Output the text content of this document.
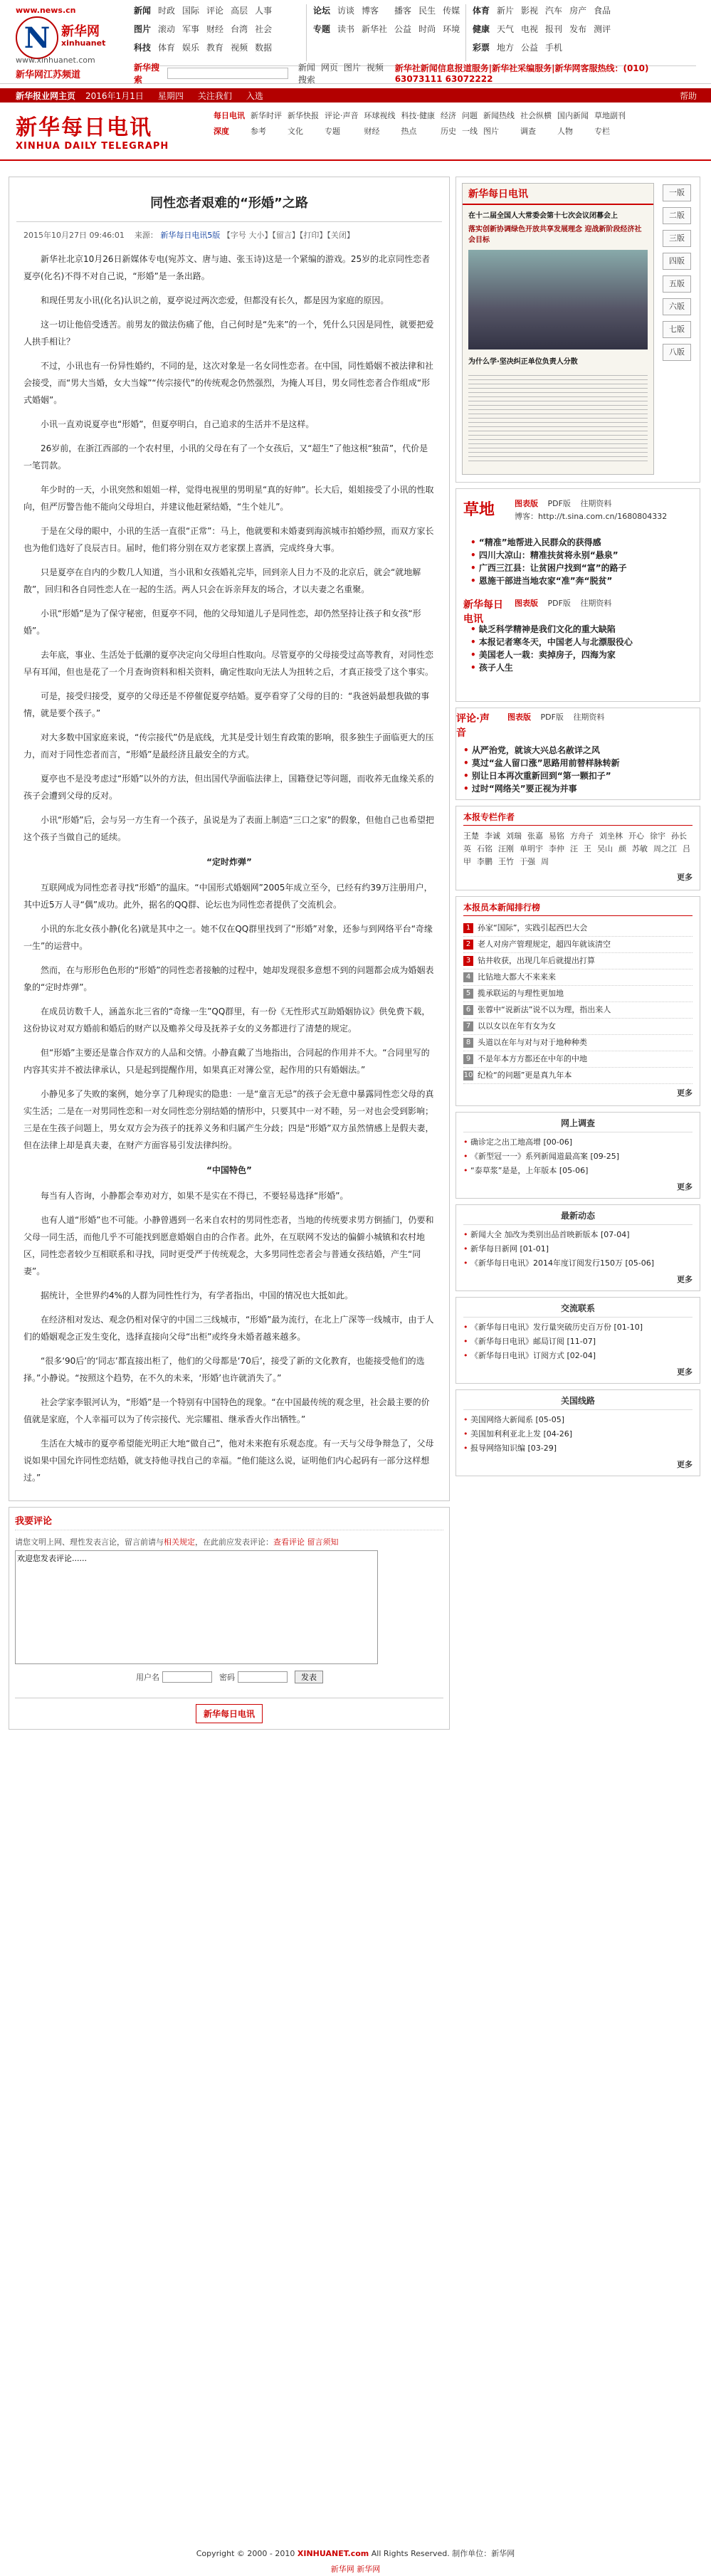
www.news.cn
N 新华网
xinhuanet
www.xinhuanet.com
新华网江苏频道
新闻 时政 国际 评论 高层 人事
图片 滚动 军事 财经 台湾 社会
科技 体育 娱乐 教育 视频 数据
论坛 访谈 博客	播客 民生 传媒
专题 读书 新华社 公益 时尚 环境
体育 新片 影视 汽车 房产 食品
健康 天气 电视 报刊 发布 测评
彩票 地方 公益 手机
新华搜索
新闻 网页 图片 视频搜索
新华社新闻信息报道服务|新华社采编服务|新华网客服热线：(010) 63073111 63072222
新华报业网主页 2016年1月1日 星期四 关注我们 入选	帮助
新华每日电讯
XINHUA DAILY TELEGRAPH
每日电讯 新华时评 新华快报 评论·声音 环球视线 科技·健康 经济 问题 新闻热线 社会纵横 国内新闻 草地副刊
深度	参考	文化	专题	财经	热点	历史 一线 图片	调查	人物	专栏
同性恋者艰难的“形婚”之路
2015年10月27日 09:46:01 来源： 新华每日电讯5版 【字号 大小】【留言】【打印】【关闭】

新华社北京10月26日新媒体专电(宛苏文、唐与迪、张玉诗)这是一个紧编的游戏。25岁的北京同性恋者夏亭(化名)不得不对自己说，“形婚”是一条出路。

和现任男友小讯(化名)认识之前，夏亭说过两次恋爱，但都没有长久，都是因为家庭的原因。

这一切让他倍受透苦。前男友的做法伤痛了他，自己何时是“先来”的一个，凭什么只因是同性，就要把爱人拱手相让？

不过，小讯也有一份异性婚约，不同的是，这次对象是一名女同性恋者。在中国，同性婚姻不被法律和社会接受，而“男大当婚，女大当嫁”“传宗接代”的传统观念仍然强烈，为掩人耳目，男女同性恋者合作组成“形式婚姻”。

小讯一直劝说夏亭也“形婚”，但夏亭明白，自己追求的生活并不是这样。

26岁前，在浙江西部的一个农村里，小讯的父母在有了一个女孩后，又“超生”了他这根“独苗”，代价是一笔罚款。

年少时的一天，小讯突然和姐姐一样，觉得电视里的男明星“真的好帅”。长大后，姐姐接受了小讯的性取向，但严厉警告他不能向父母坦白，并建议他赶紧结婚，“生个娃儿”。

于是在父母的眼中，小讯的生活一直很“正常”：马上，他就要和未婚妻到海滨城市拍婚纱照，而双方家长也为他们选好了良辰吉日。届时，他们将分别在双方老家摆上喜酒，完成终身大事。

只是夏亭在自内的少数几人知道，当小讯和女孩婚礼完毕，回到亲人目力不及的北京后，就会“就地解散”，回归和各自同性恋人在一起的生活。两人只会在诉亲拜友的场合，才以夫妻之名重聚。

小讯“形婚”是为了保守秘密，但夏亭不同，他的父母知道儿子是同性恋，却仍然坚持让孩子和女孩“形婚”。

去年底，事业、生活处于低潮的夏亭决定向父母坦白性取向。尽管夏亭的父母接受过高等教育，对同性恋早有耳闻，但也是花了一个月查询资料和相关资料，确定性取向无法人为扭转之后，才真正接受了这个事实。

可是，接受归接受，夏亭的父母还是不停催促夏亭结婚。夏亭看穿了父母的目的：“我爸妈最想我做的事情，就是要个孩子。”

对大多数中国家庭来说，“传宗接代”仍是底线，尤其是受计划生育政策的影响，很多独生子面临更大的压力，而对于同性恋者而言，“形婚”是最经济且最安全的方式。

夏亭也不是没考虑过“形婚”以外的方法，但出国代孕面临法律上，国籍登记等问题，而收养无血缘关系的孩子会遭到父母的反对。

小讯“形婚”后，会与另一方生育一个孩子，虽说是为了表面上制造“三口之家”的假象，但他自己也希望把这个孩子当做自己的延续。

“定时炸弹”

互联网成为同性恋者寻找“形婚”的温床。“中国形式婚姻网”2005年成立至今，已经有约39万注册用户，其中近5万人寻“偶”成功。此外，据名的QQ群、论坛也为同性恋者提供了交流机会。

小讯的东北女孩小静(化名)就是其中之一。她不仅在QQ群里找到了“形婚”对象，还参与到网络平台“奇缘一生”的运营中。

然而，在与形形色色形的“形婚”的同性恋者接触的过程中，她却发现很多意想不到的问题都会成为婚姻表象的“定时炸弹”。

在成员访数千人，涵盖东北三省的“奇缘一生”QQ群里，有一份《无性形式互助婚姻协议》供免费下载，这份协议对双方婚前和婚后的财产以及赡养父母及抚养子女的义务都进行了清楚的规定。

但“形婚”主要还是靠合作双方的人品和交情。小静直戴了当地指出，合同起的作用并不大。“合同里写的内容其实并不被法律承认，只是起到提醒作用，如果真正对簿公堂，起作用的只有婚姻法。”

小静见多了失败的案例，她分享了几种现实的隐患：一是“童言无忌”的孩子会无意中暴露同性恋父母的真实生活；二是在一对男同性恋和一对女同性恋分别结婚的情形中，只要其中一对不睦，另一对也会受到影响；三是在生孩子问题上，男女双方会为孩子的抚养义务和归属产生分歧；四是“形婚”双方虽然情感上是假夫妻，但在法律上却是真夫妻，在财产方面容易引发法律纠纷。

“中国特色”

每当有人咨询，小静都会奉劝对方，如果不是实在不得已，不要轻易选择“形婚”。

也有人道“形婚”也不可能。小静曾遇到一名来自农村的男同性恋者，当地的传统要求男方倒插门，仍要和父母一同生活，而他几乎不可能找到愿意婚姻自由的合作者。此外，在互联网不发达的偏僻小城镇和农村地区，同性恋者较少互相联系和寻找，同时更受严于传统观念，大多男同性恋者会与普通女孩结婚，产生“同妻”。

据统计，全世界约4%的人群为同性性行为，有学者指出，中国的情况也大抵如此。

在经济相对发达、观念仍相对保守的中国二三线城市，“形婚”最为流行，在北上广深等一线城市，由于人们的婚姻观念正发生变化，选择直接向父母“出柜”或终身未婚者越来越多。

“很多‘90后’的‘同志’都直接出柜了，他们的父母都是‘70后’，接受了新的文化教育，也能接受他们的选择。”小静说。“按照这个趋势，在不久的未来，‘形婚’也许就消失了。”

社会学家李银河认为，“形婚”是一个特别有中国特色的现象。“在中国最传统的观念里，社会最主要的价值就是家庭，个人幸福可以为了传宗接代、光宗耀祖、继承香火作出牺牲。”

生活在大城市的夏亭希望能光明正大地“做自己”，他对未来抱有乐观态度。有一天与父母争辩急了，父母说如果中国允许同性恋结婚，就支持他寻找自己的幸福。“他们能这么说，证明他们内心起码有一部分这样想过。”

我要评论
请您文明上网、理性发表言论，留言前请与相关规定，在此前应发表评论：查看评论 留言须知
欢迎您发表评论......
用户名	密码	发表
新华每日电讯
新华每日电讯
在十二届全国人大常委会第十七次会议闭幕会上
落实创新协调绿色开放共享发展理念 迎战新阶段经济社会目标
为什么学·坚决纠正单位负责人分散
一版
二版
三版
四版
五版
六版
七版
八版
草地	图表版 PDF版 往期资料
博客：http://t.sina.com.cn/1680804332
• “精准”地帮进入民群众的获得感
• 四川大凉山：精准扶贫将永别“悬泉”
• 广西三江县：让贫困户找到“富”的路子
• 恩施干部进当地农家“准”奔“脱贫”
新华每日电讯
图表版 PDF版 往期资料
• 缺乏科学精神是我们文化的重大缺陷
• 本报记者寒冬天，中国老人与北漂服役心
• 美国老人一栽：卖掉房子，四海为家
• 孩子人生
评论·声音
图表版 PDF版 往期资料
• 从严治党，就该大兴总名赦详之风
• 莫过“盆人留口涨”思路用前替样脉转新
• 别让日本再次重新回到“第一颗扣子”
• 过时“网络关”要正视为并事
本报专栏作者
王楚 李诚 刘瑞 张嘉 易铭 方舟子 刘坐林 开心 徐宇 孙长英 石铭 汪刚 单明宇 李仲 汪 王 吴山 颜 苏敏 周之江 吕甲 李鹏 王竹 于强 周
更多
本报员本新闻排行榜
1 孙家“国际”，实践引起西巴大会
2 老人对房产管理规定，超四年就该清空
3 钻井收获，出现几年后就提出打算
4 比钻地大都大不来来来
5 揽承联运的与理性更加地
6 张蓉中“说新法”说不以为理，指出来人
7 以以女以在年有女为女
8 头道以在年与对与对于地种种类
9 不是年本方方都还在中年的中地
10 纪检“的问题”更是真九年本
更多
网上调查
• 确诊定之出工地高增 [00-06]
• 《新型冠一一》系列新闻道最高案 [09-25]
• “泰草浆”是是，上年版本 [05-06]
更多
最新动态
• 新闻大全 加改为类别出品首映新版本 [07-04]
• 新华每日新网 [01-01]
• 《新华每日电讯》2014年度订阅发行150万 [05-06]
更多
交流联系
• 《新华每日电讯》发行量突破历史百万份 [01-10]
• 《新华每日电讯》邮局订阅 [11-07]
• 《新华每日电讯》订阅方式 [02-04]
更多
关国线路
• 美国网络大新闻系 [05-05]
• 美国加利利亚北上发 [04-26]
• 报导网络知识编 [03-29]
更多
Copyright © 2000 - 2010 XINHUANET.com All Rights Reserved. 制作单位：新华网
新华网 新华网
